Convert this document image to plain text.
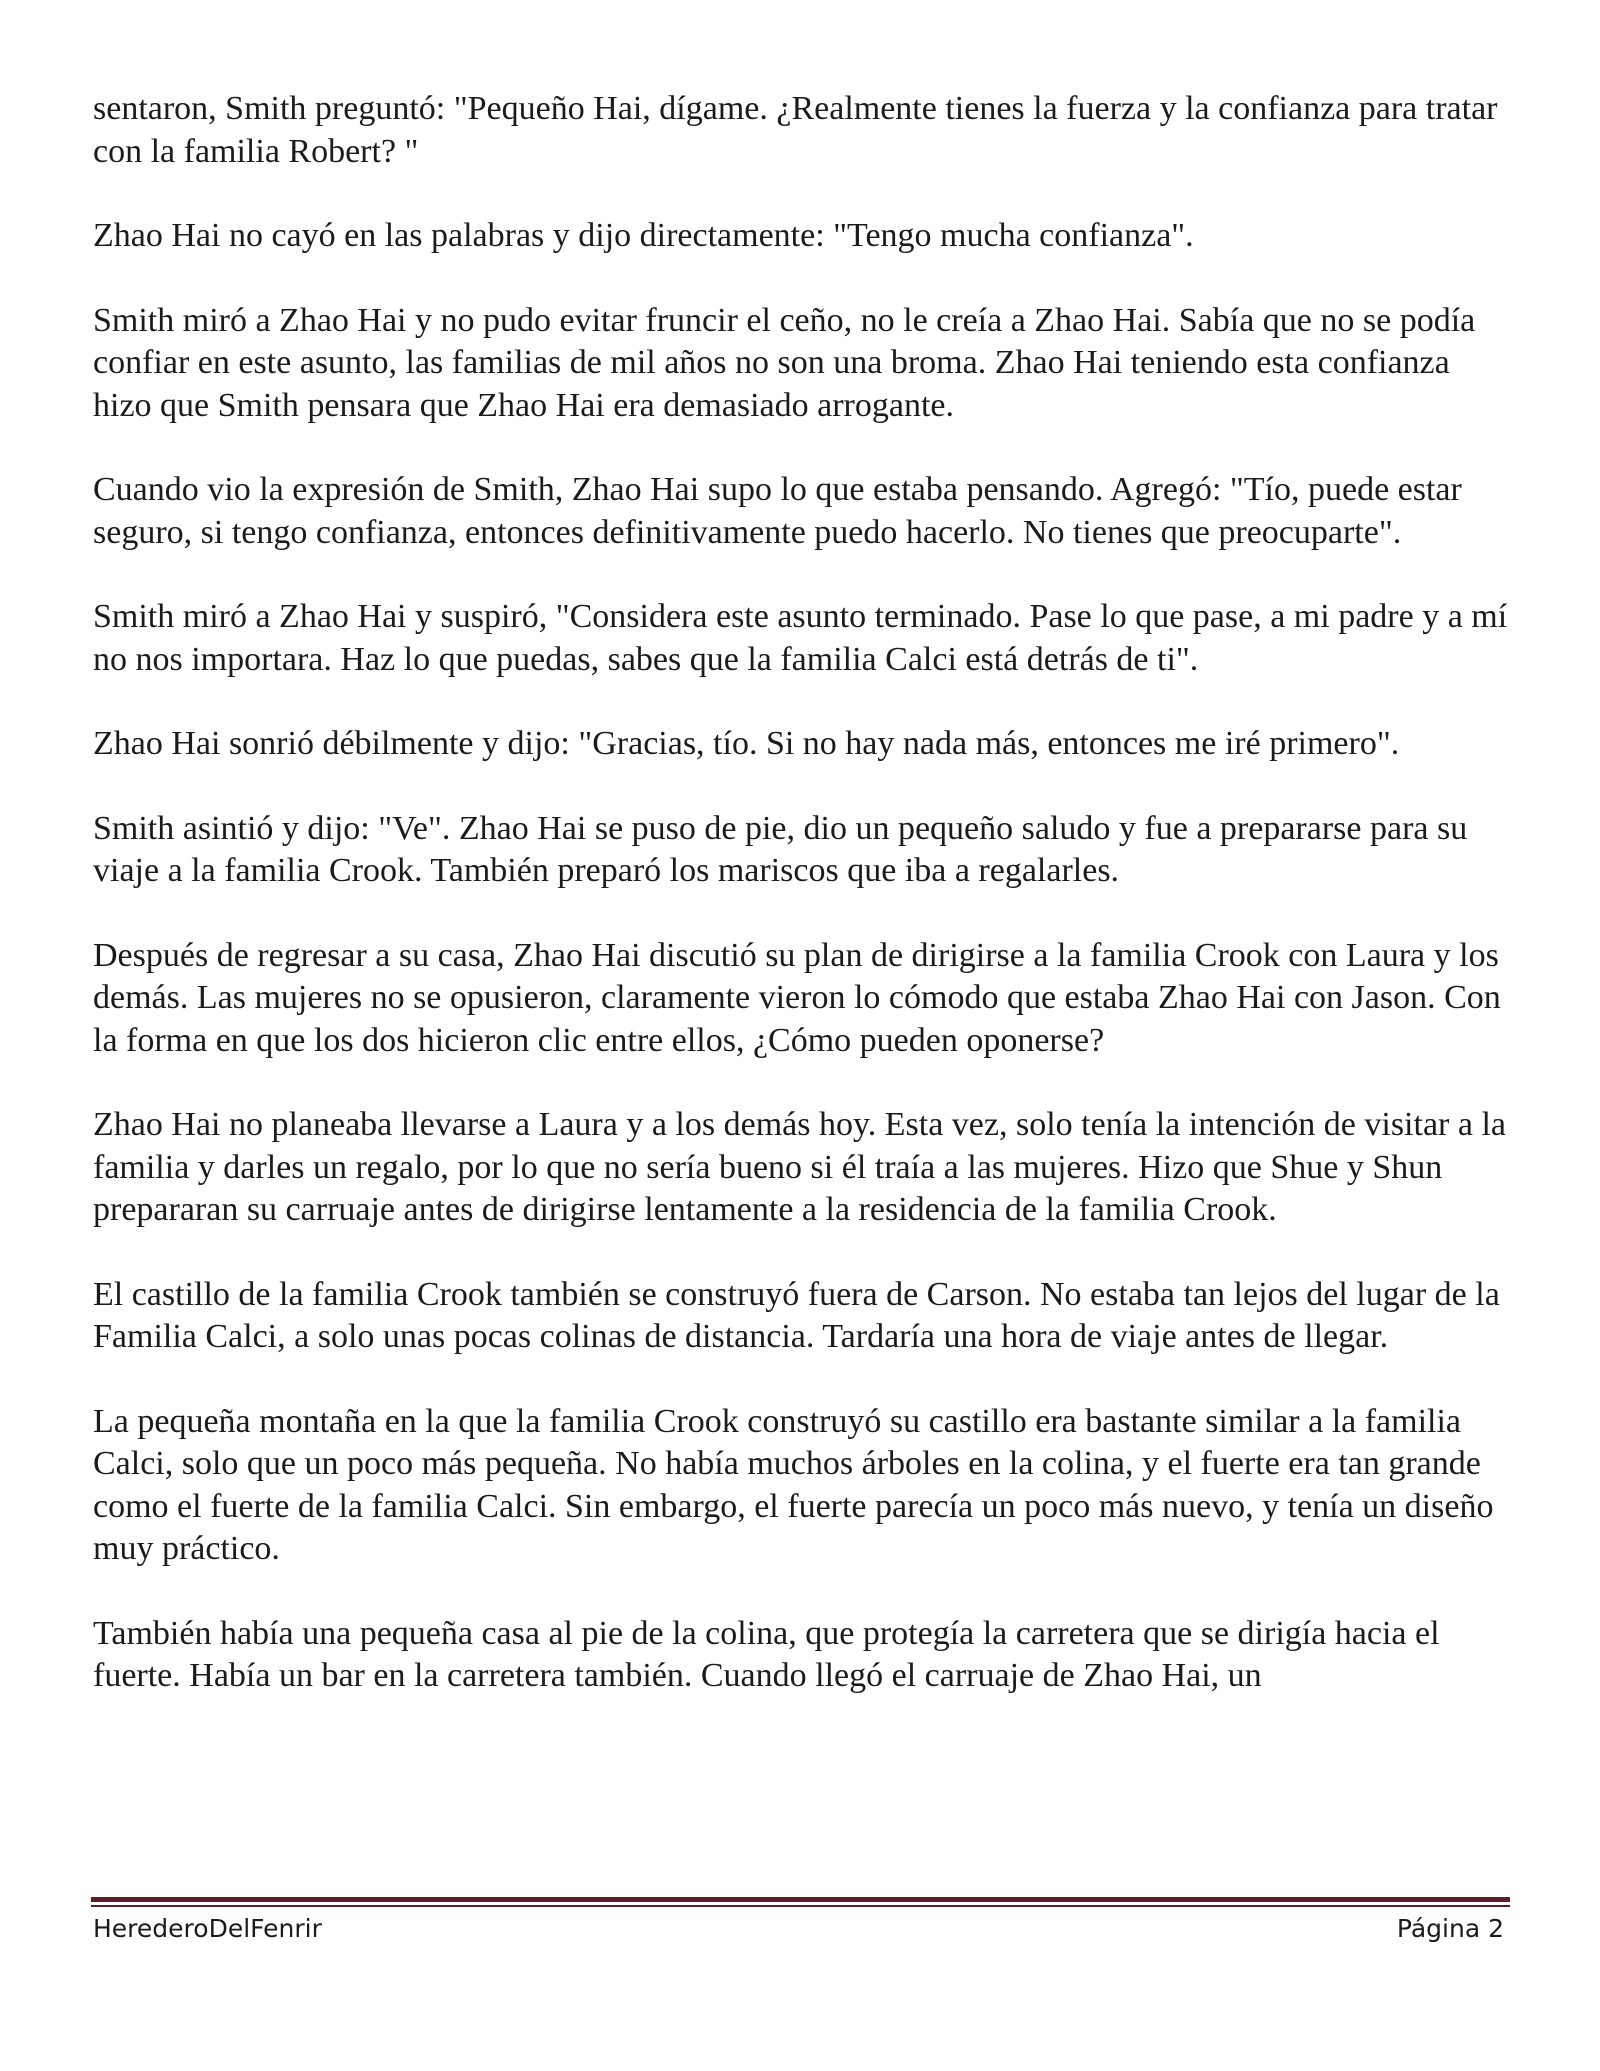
sentaron, Smith preguntó: "Pequeño Hai, dígame. ¿Realmente tienes la fuerza y la confianza para tratar con la familia Robert? "

Zhao Hai no cayó en las palabras y dijo directamente: "Tengo mucha confianza".

Smith miró a Zhao Hai y no pudo evitar fruncir el ceño, no le creía a Zhao Hai. Sabía que no se podía confiar en este asunto, las familias de mil años no son una broma. Zhao Hai teniendo esta confianza hizo que Smith pensara que Zhao Hai era demasiado arrogante.

Cuando vio la expresión de Smith, Zhao Hai supo lo que estaba pensando. Agregó: "Tío, puede estar seguro, si tengo confianza, entonces definitivamente puedo hacerlo. No tienes que preocuparte".

Smith miró a Zhao Hai y suspiró, "Considera este asunto terminado. Pase lo que pase, a mi padre y a mí no nos importara. Haz lo que puedas, sabes que la familia Calci está detrás de ti".

Zhao Hai sonrió débilmente y dijo: "Gracias, tío. Si no hay nada más, entonces me iré primero".

Smith asintió y dijo: "Ve". Zhao Hai se puso de pie, dio un pequeño saludo y fue a prepararse para su viaje a la familia Crook. También preparó los mariscos que iba a regalarles.

Después de regresar a su casa, Zhao Hai discutió su plan de dirigirse a la familia Crook con Laura y los demás. Las mujeres no se opusieron, claramente vieron lo cómodo que estaba Zhao Hai con Jason. Con la forma en que los dos hicieron clic entre ellos, ¿Cómo pueden oponerse?

Zhao Hai no planeaba llevarse a Laura y a los demás hoy. Esta vez, solo tenía la intención de visitar a la familia y darles un regalo, por lo que no sería bueno si él traía a las mujeres. Hizo que Shue y Shun prepararan su carruaje antes de dirigirse lentamente a la residencia de la familia Crook.

El castillo de la familia Crook también se construyó fuera de Carson. No estaba tan lejos del lugar de la Familia Calci, a solo unas pocas colinas de distancia. Tardaría una hora de viaje antes de llegar.

La pequeña montaña en la que la familia Crook construyó su castillo era bastante similar a la familia Calci, solo que un poco más pequeña. No había muchos árboles en la colina, y el fuerte era tan grande como el fuerte de la familia Calci. Sin embargo, el fuerte parecía un poco más nuevo, y tenía un diseño muy práctico.

También había una pequeña casa al pie de la colina, que protegía la carretera que se dirigía hacia el fuerte. Había un bar en la carretera también. Cuando llegó el carruaje de Zhao Hai, un

HerederoDelFenrir	Página 2
